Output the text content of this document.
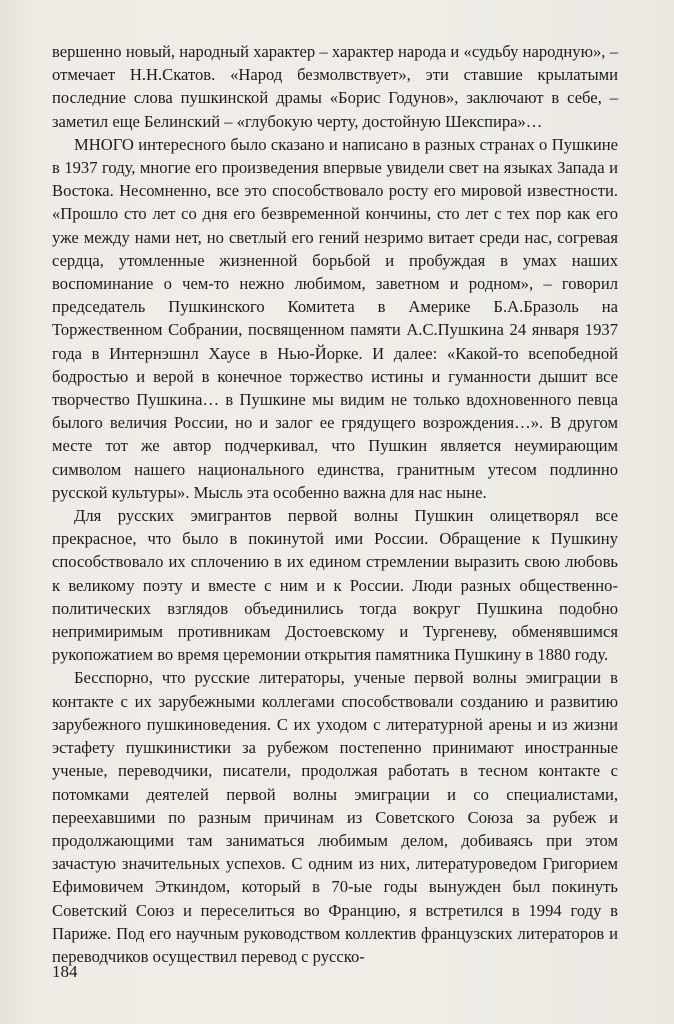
вершенно новый, народный характер – характер народа и «судьбу народную», – отмечает Н.Н.Скатов. «Народ безмолвствует», эти ставшие крылатыми последние слова пушкинской драмы «Борис Годунов», заключают в себе, – заметил еще Белинский – «глубокую черту, достойную Шекспира»…

МНОГО интересного было сказано и написано в разных странах о Пушкине в 1937 году, многие его произведения впервые увидели свет на языках Запада и Востока. Несомненно, все это способствовало росту его мировой известности. «Прошло сто лет со дня его безвременной кончины, сто лет с тех пор как его уже между нами нет, но светлый его гений незримо витает среди нас, согревая сердца, утомленные жизненной борьбой и пробуждая в умах наших воспоминание о чем-то нежно любимом, заветном и родном», – говорил председатель Пушкинского Комитета в Америке Б.А.Бразоль на Торжественном Собрании, посвященном памяти А.С.Пушкина 24 января 1937 года в Интернэшнл Хаусе в Нью-Йорке. И далее: «Какой-то всепобедной бодростью и верой в конечное торжество истины и гуманности дышит все творчество Пушкина… в Пушкине мы видим не только вдохновенного певца былого величия России, но и залог ее грядущего возрождения…». В другом месте тот же автор подчеркивал, что Пушкин является неумирающим символом нашего национального единства, гранитным утесом подлинно русской культуры». Мысль эта особенно важна для нас ныне.

Для русских эмигрантов первой волны Пушкин олицетворял все прекрасное, что было в покинутой ими России. Обращение к Пушкину способствовало их сплочению в их едином стремлении выразить свою любовь к великому поэту и вместе с ним и к России. Люди разных общественно-политических взглядов объединились тогда вокруг Пушкина подобно непримиримым противникам Достоевскому и Тургеневу, обменявшимся рукопожатием во время церемонии открытия памятника Пушкину в 1880 году.

Бесспорно, что русские литераторы, ученые первой волны эмиграции в контакте с их зарубежными коллегами способствовали созданию и развитию зарубежного пушкиноведения. С их уходом с литературной арены и из жизни эстафету пушкинистики за рубежом постепенно принимают иностранные ученые, переводчики, писатели, продолжая работать в тесном контакте с потомками деятелей первой волны эмиграции и со специалистами, переехавшими по разным причинам из Советского Союза за рубеж и продолжающими там заниматься любимым делом, добиваясь при этом зачастую значительных успехов. С одним из них, литературоведом Григорием Ефимовичем Эткиндом, который в 70-ые годы вынужден был покинуть Советский Союз и переселиться во Францию, я встретился в 1994 году в Париже. Под его научным руководством коллектив французских литераторов и переводчиков осуществил перевод с русско-

184
